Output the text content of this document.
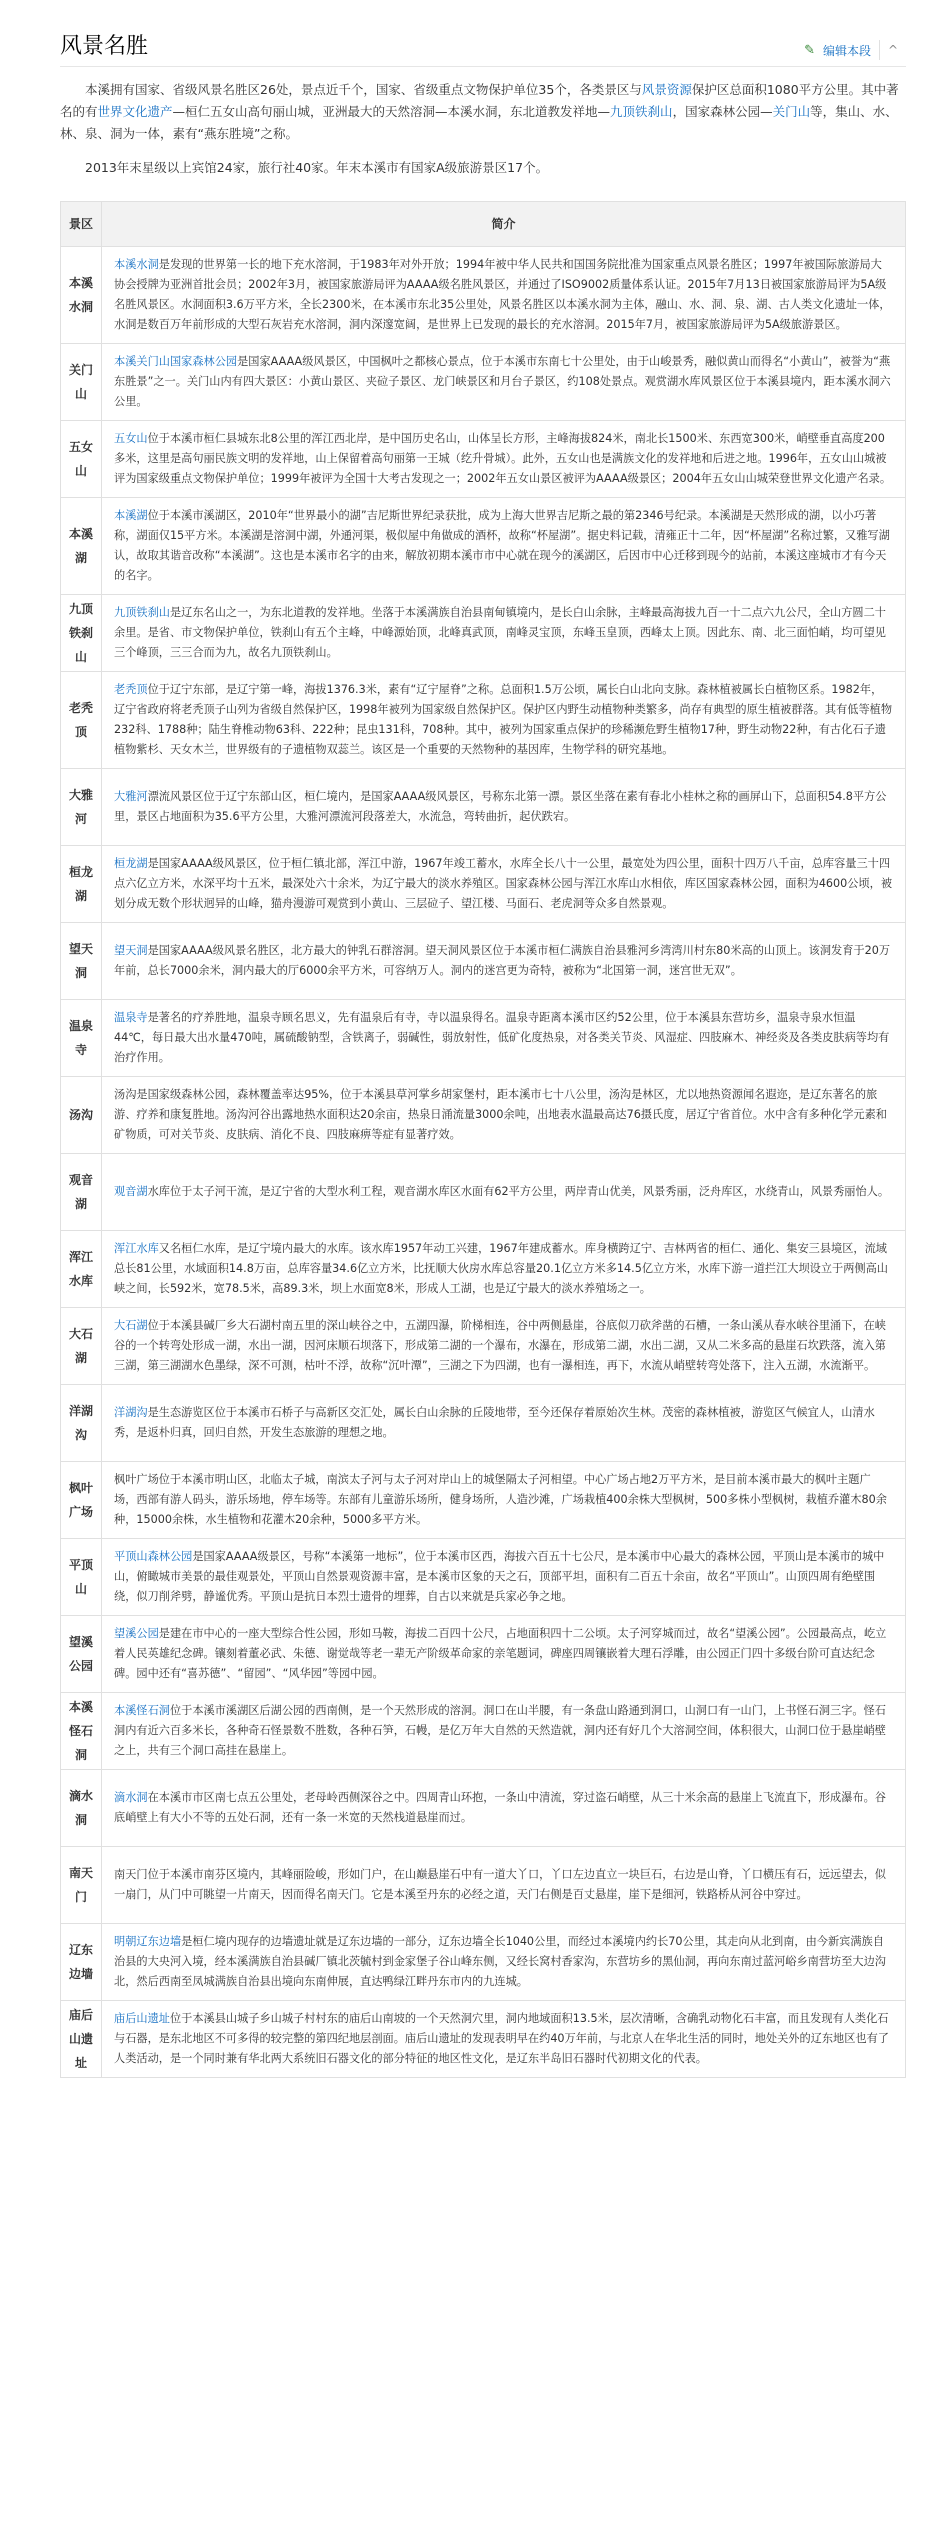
风景名胜	✎ 编辑本段	^

本溪拥有国家、省级风景名胜区26处，景点近千个，国家、省级重点文物保护单位35个，各类景区与风景资源保护区总面积1080平方公里。其中著名的有世界文化遗产—桓仁五女山高句丽山城，亚洲最大的天然溶洞—本溪水洞，东北道教发祥地—九顶铁刹山，国家森林公园—关门山等，集山、水、林、泉、洞为一体，素有“燕东胜境”之称。

2013年末星级以上宾馆24家，旅行社40家。年末本溪市有国家A级旅游景区17个。

景区	简介
本溪水洞	本溪水洞是发现的世界第一长的地下充水溶洞，于1983年对外开放；1994年被中华人民共和国国务院批准为国家重点风景名胜区；1997年被国际旅游局大协会授牌为亚洲首批会员；2002年3月，被国家旅游局评为AAAA级名胜风景区，并通过了ISO9002质量体系认证。2015年7月13日被国家旅游局评为5A级名胜风景区。水洞面积3.6万平方米，全长2300米，在本溪市东北35公里处，风景名胜区以本溪水洞为主体，融山、水、洞、泉、湖、古人类文化遗址一体，水洞是数百万年前形成的大型石灰岩充水溶洞，洞内深邃宽阔，是世界上已发现的最长的充水溶洞。2015年7月，被国家旅游局评为5A级旅游景区。
关门山	本溪关门山国家森林公园是国家AAAA级风景区，中国枫叶之都核心景点，位于本溪市东南七十公里处，由于山峻景秀，融似黄山而得名“小黄山”，被誉为“燕东胜景”之一。关门山内有四大景区：小黄山景区、夹砬子景区、龙门峡景区和月台子景区，约108处景点。观赏湖水库风景区位于本溪县境内，距本溪水洞六公里。
五女山	五女山位于本溪市桓仁县城东北8公里的浑江西北岸，是中国历史名山，山体呈长方形，主峰海拔824米，南北长1500米、东西宽300米，峭壁垂直高度200多米，这里是高句丽民族文明的发祥地，山上保留着高句丽第一王城（纥升骨城）。此外，五女山也是满族文化的发祥地和后进之地。1996年，五女山山城被评为国家级重点文物保护单位；1999年被评为全国十大考古发现之一；2002年五女山景区被评为AAAA级景区；2004年五女山山城荣登世界文化遗产名录。
本溪湖	本溪湖位于本溪市溪湖区，2010年“世界最小的湖”吉尼斯世界纪录获批，成为上海大世界吉尼斯之最的第2346号纪录。本溪湖是天然形成的湖，以小巧著称，湖面仅15平方米。本溪湖是溶洞中湖，外通河渠，极似屋中角做成的酒杯，故称“杯屋湖”。据史料记载，清雍正十二年，因“杯屋湖”名称过繁，又雅写湖认，故取其谐音改称“本溪湖”。这也是本溪市名字的由来，解放初期本溪市市中心就在现今的溪湖区，后因市中心迁移到现今的站前，本溪这座城市才有今天的名字。
九顶铁刹山	九顶铁刹山是辽东名山之一，为东北道教的发祥地。坐落于本溪满族自治县南甸镇境内，是长白山余脉，主峰最高海拔九百一十二点六九公尺，全山方圆二十余里。是省、市文物保护单位，铁刹山有五个主峰，中峰源始顶，北峰真武顶，南峰灵宝顶，东峰玉皇顶，西峰太上顶。因此东、南、北三面怕峭，均可望见三个峰顶，三三合而为九，故名九顶铁刹山。
老秃顶	老秃顶位于辽宁东部，是辽宁第一峰，海拔1376.3米，素有“辽宁屋脊”之称。总面积1.5万公顷，属长白山北向支脉。森林植被属长白植物区系。1982年，辽宁省政府将老秃顶子山列为省级自然保护区，1998年被列为国家级自然保护区。保护区内野生动植物种类繁多，尚存有典型的原生植被群落。其有低等植物232科、1788种；陆生脊椎动物63科、222种；昆虫131科，708种。其中，被列为国家重点保护的珍稀濒危野生植物17种，野生动物22种，有古化石子遗植物紫杉、天女木兰，世界级有的子遗植物双蕊兰。该区是一个重要的天然物种的基因库，生物学科的研究基地。
大雅河	大雅河漂流风景区位于辽宁东部山区，桓仁境内，是国家AAAA级风景区，号称东北第一漂。景区坐落在素有春北小桂林之称的画屏山下，总面积54.8平方公里，景区占地面积为35.6平方公里，大雅河漂流河段落差大，水流急，弯转曲折，起伏跌宕。
桓龙湖	桓龙湖是国家AAAA级风景区，位于桓仁镇北部，浑江中游，1967年竣工蓄水，水库全长八十一公里，最宽处为四公里，面积十四万八千亩，总库容量三十四点六亿立方米，水深平均十五米，最深处六十余米，为辽宁最大的淡水养殖区。国家森林公园与浑江水库山水相依，库区国家森林公园，面积为4600公顷，被划分成无数个形状迥异的山峰，猫舟漫游可观赏到小黄山、三层砬子、望江楼、马面石、老虎洞等众多自然景观。
望天洞	望天洞是国家AAAA级风景名胜区，北方最大的钟乳石群溶洞。望天洞风景区位于本溪市桓仁满族自治县雅河乡湾湾川村东80米高的山顶上。该洞发育于20万年前，总长7000余米，洞内最大的厅6000余平方米，可容纳万人。洞内的迷宫更为奇特，被称为“北国第一洞，迷宫世无双”。
温泉寺	温泉寺是著名的疗养胜地，温泉寺顾名思义，先有温泉后有寺，寺以温泉得名。温泉寺距离本溪市区约52公里，位于本溪县东营坊乡，温泉寺泉水恒温44℃，每日最大出水量470吨，属硫酸钠型，含铁离子，弱碱性，弱放射性，低矿化度热泉，对各类关节炎、风湿症、四肢麻木、神经炎及各类皮肤病等均有治疗作用。
汤沟	汤沟是国家级森林公园，森林覆盖率达95%，位于本溪县草河掌乡胡家堡村，距本溪市七十八公里，汤沟是林区，尤以地热资源闻名遐迩，是辽东著名的旅游、疗养和康复胜地。汤沟河谷出露地热水面积达20余亩，热泉日涌流量3000余吨，出地表水温最高达76摄氏度，居辽宁省首位。水中含有多种化学元素和矿物质，可对关节炎、皮肤病、消化不良、四肢麻痹等症有显著疗效。
观音湖	观音湖水库位于太子河干流，是辽宁省的大型水利工程，观音湖水库区水面有62平方公里，两岸青山优美，风景秀丽，泛舟库区，水绕青山，风景秀丽怡人。
浑江水库	浑江水库又名桓仁水库，是辽宁境内最大的水库。该水库1957年动工兴建，1967年建成蓄水。库身横跨辽宁、吉林两省的桓仁、通化、集安三县境区，流域总长81公里，水域面积14.8万亩，总库容量34.6亿立方米，比抚顺大伙房水库总容量20.1亿立方米多14.5亿立方米，水库下游一道拦江大坝设立于两侧高山峡之间，长592米，宽78.5米，高89.3米，坝上水面宽8米，形成人工湖，也是辽宁最大的淡水养殖场之一。
大石湖	大石湖位于本溪县碱厂乡大石湖村南五里的深山峡谷之中，五湖四瀑，阶梯相连，谷中两侧悬崖，谷底似刀砍斧凿的石槽，一条山溪从春水峡谷里涌下，在峡谷的一个转弯处形成一湖，水出一湖，因河床顺石坝落下，形成第二湖的一个瀑布，水瀑在，形成第二湖，水出二湖，又从二米多高的悬崖石坎跌落，流入第三湖，第三湖湖水色墨绿，深不可测，枯叶不浮，故称“沉叶潭”，三湖之下为四湖，也有一瀑相连，再下，水流从峭壁转弯处落下，注入五湖，水流渐平。
洋湖沟	洋湖沟是生态游览区位于本溪市石桥子与高新区交汇处，属长白山余脉的丘陵地带，至今还保存着原始次生林。茂密的森林植被，游览区气候宜人，山清水秀，是返朴归真，回归自然，开发生态旅游的理想之地。
枫叶广场	枫叶广场位于本溪市明山区，北临太子城，南滨太子河与太子河对岸山上的城堡隔太子河相望。中心广场占地2万平方米，是目前本溪市最大的枫叶主题广场，西部有游人码头，游乐场地，停车场等。东部有儿童游乐场所，健身场所，人造沙滩，广场栽植400余株大型枫树，500多株小型枫树，栽植乔灌木80余种，15000余株，水生植物和花灌木20余种，5000多平方米。
平顶山	平顶山森林公园是国家AAAA级景区，号称“本溪第一地标”，位于本溪市区西，海拔六百五十七公尺，是本溪市中心最大的森林公园，平顶山是本溪市的城中山，俯瞰城市美景的最佳观景处，平顶山自然景观资源丰富，是本溪市区象的天之石，顶部平坦，面积有二百五十余亩，故名“平顶山”。山顶四周有绝壁围绕，似刀削斧劈，静谧优秀。平顶山是抗日本烈士遗骨的埋葬，自古以来就是兵家必争之地。
望溪公园	望溪公园是建在市中心的一座大型综合性公园，形如马鞍，海拔二百四十公尺，占地面积四十二公顷。太子河穿城而过，故名“望溪公园”。公园最高点，屹立着人民英雄纪念碑。镶刻着董必武、朱德、谢觉哉等老一辈无产阶级革命家的亲笔题词，碑座四周镶嵌着大理石浮雕，由公园正门四十多级台阶可直达纪念碑。园中还有“喜苏德”、“留园”、“风华园”等园中园。
本溪怪石洞	本溪怪石洞位于本溪市溪湖区后湖公园的西南侧，是一个天然形成的溶洞。洞口在山半腰，有一条盘山路通到洞口，山洞口有一山门，上书怪石洞三字。怪石洞内有近六百多米长，各种奇石怪景数不胜数，各种石笋，石幔，是亿万年大自然的天然造就，洞内还有好几个大溶洞空间，体积很大，山洞口位于悬崖峭壁之上，共有三个洞口高挂在悬崖上。
滴水洞	滴水洞在本溪市市区南七点五公里处，老母岭西侧深谷之中。四周青山环抱，一条山中清流，穿过盗石峭壁，从三十米余高的悬崖上飞流直下，形成瀑布。谷底峭壁上有大小不等的五处石洞，还有一条一米宽的天然栈道悬崖而过。
南天门	南天门位于本溪市南芬区境内，其峰丽险峻，形如门户，在山巅悬崖石中有一道大丫口，丫口左边直立一块巨石，右边是山脊，丫口横压有石，远远望去，似一扇门，从门中可眺望一片南天，因而得名南天门。它是本溪至丹东的必经之道，天门右侧是百丈悬崖，崖下是细河，铁路桥从河谷中穿过。
辽东边墙	明朝辽东边墙是桓仁境内现存的边墙遗址就是辽东边墙的一部分，辽东边墙全长1040公里，而经过本溪境内约长70公里，其走向从北到南，由今新宾满族自治县的大央河入境，经本溪满族自治县碱厂镇北茨毓村到金家堡子谷山峰东侧，又经长窝村香家沟，东营坊乡的黑仙洞，再向东南过蓝河峪乡南营坊至大边沟北，然后西南至凤城满族自治县出境向东南伸展，直达鸭绿江畔丹东市内的九连城。
庙后山遗址	庙后山遗址位于本溪县山城子乡山城子村村东的庙后山南坡的一个天然洞穴里，洞内地域面积13.5米，层次清晰，含确乳动物化石丰富，而且发现有人类化石与石器，是东北地区不可多得的较完整的第四纪地层剖面。庙后山遗址的发现表明早在约40万年前，与北京人在华北生活的同时，地处关外的辽东地区也有了人类活动，是一个同时兼有华北两大系统旧石器文化的部分特征的地区性文化，是辽东半岛旧石器时代初期文化的代表。
